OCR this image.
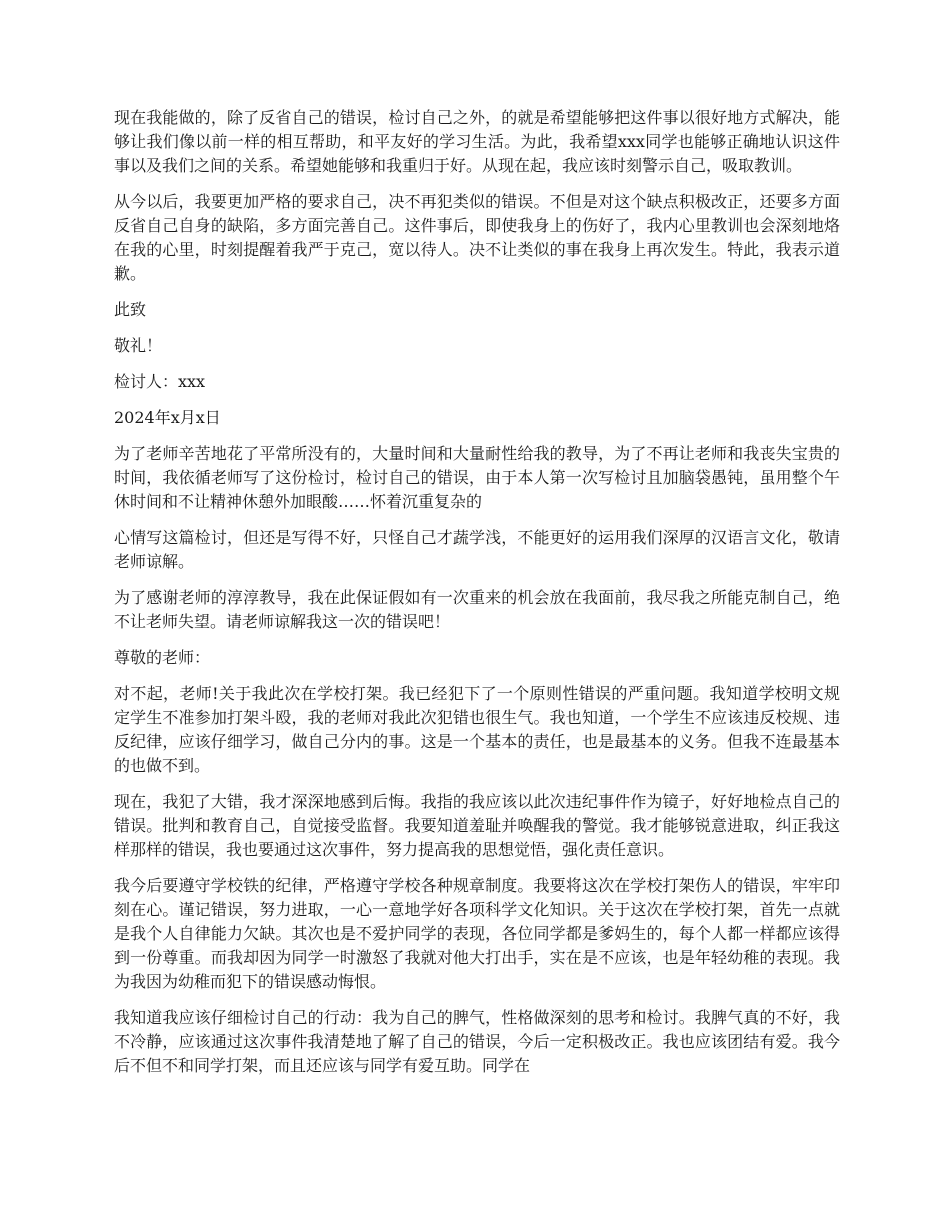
现在我能做的，除了反省自己的错误，检讨自己之外，的就是希望能够把这件事以很好地方式解决，能够让我们像以前一样的相互帮助，和平友好的学习生活。为此，我希望xxx同学也能够正确地认识这件事以及我们之间的关系。希望她能够和我重归于好。从现在起，我应该时刻警示自己，吸取教训。

从今以后，我要更加严格的要求自己，决不再犯类似的错误。不但是对这个缺点积极改正，还要多方面反省自己自身的缺陷，多方面完善自己。这件事后，即使我身上的伤好了，我内心里教训也会深刻地烙在我的心里，时刻提醒着我严于克己，宽以待人。决不让类似的事在我身上再次发生。特此，我表示道歉。

此致

敬礼！

检讨人：xxx

2024年x月x日

为了老师辛苦地花了平常所没有的，大量时间和大量耐性给我的教导，为了不再让老师和我丧失宝贵的时间，我依循老师写了这份检讨，检讨自己的错误，由于本人第一次写检讨且加脑袋愚钝，虽用整个午休时间和不让精神休憩外加眼酸……怀着沉重复杂的

心情写这篇检讨，但还是写得不好，只怪自己才蔬学浅，不能更好的运用我们深厚的汉语言文化，敬请老师谅解。

为了感谢老师的淳淳教导，我在此保证假如有一次重来的机会放在我面前，我尽我之所能克制自己，绝不让老师失望。请老师谅解我这一次的错误吧！

尊敬的老师：

对不起，老师!关于我此次在学校打架。我已经犯下了一个原则性错误的严重问题。我知道学校明文规定学生不准参加打架斗殴，我的老师对我此次犯错也很生气。我也知道，一个学生不应该违反校规、违反纪律，应该仔细学习，做自己分内的事。这是一个基本的责任，也是最基本的义务。但我不连最基本的也做不到。

现在，我犯了大错，我才深深地感到后悔。我指的我应该以此次违纪事件作为镜子，好好地检点自己的错误。批判和教育自己，自觉接受监督。我要知道羞耻并唤醒我的警觉。我才能够锐意进取，纠正我这样那样的错误，我也要通过这次事件，努力提高我的思想觉悟，强化责任意识。

我今后要遵守学校铁的纪律，严格遵守学校各种规章制度。我要将这次在学校打架伤人的错误，牢牢印刻在心。谨记错误，努力进取，一心一意地学好各项科学文化知识。关于这次在学校打架，首先一点就是我个人自律能力欠缺。其次也是不爱护同学的表现，各位同学都是爹妈生的，每个人都一样都应该得到一份尊重。而我却因为同学一时激怒了我就对他大打出手，实在是不应该，也是年轻幼稚的表现。我为我因为幼稚而犯下的错误感动悔恨。

我知道我应该仔细检讨自己的行动：我为自己的脾气，性格做深刻的思考和检讨。我脾气真的不好，我不冷静，应该通过这次事件我清楚地了解了自己的错误，今后一定积极改正。我也应该团结有爱。我今后不但不和同学打架，而且还应该与同学有爱互助。同学在
